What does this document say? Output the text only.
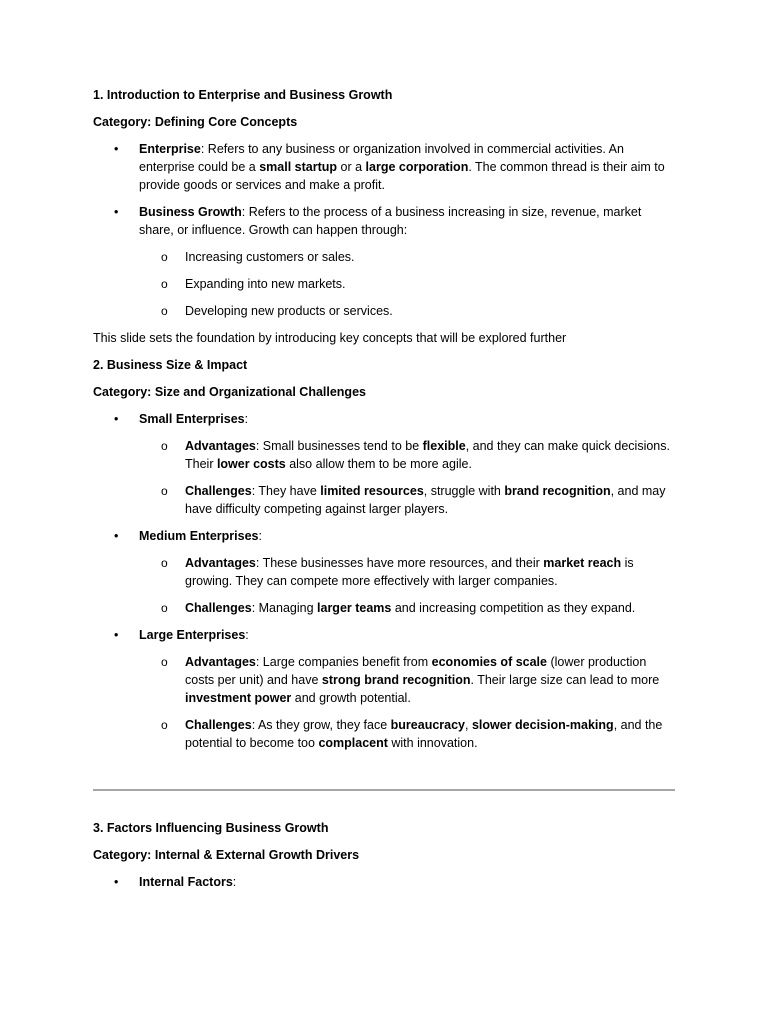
1. Introduction to Enterprise and Business Growth

Category: Defining Core Concepts

• Enterprise: Refers to any business or organization involved in commercial activities. An enterprise could be a small startup or a large corporation. The common thread is their aim to provide goods or services and make a profit.
• Business Growth: Refers to the process of a business increasing in size, revenue, market share, or influence. Growth can happen through:
o Increasing customers or sales.
o Expanding into new markets.
o Developing new products or services.

This slide sets the foundation by introducing key concepts that will be explored further

2. Business Size & Impact

Category: Size and Organizational Challenges

• Small Enterprises:
o Advantages: Small businesses tend to be flexible, and they can make quick decisions. Their lower costs also allow them to be more agile.
o Challenges: They have limited resources, struggle with brand recognition, and may have difficulty competing against larger players.
• Medium Enterprises:
o Advantages: These businesses have more resources, and their market reach is growing. They can compete more effectively with larger companies.
o Challenges: Managing larger teams and increasing competition as they expand.
• Large Enterprises:
o Advantages: Large companies benefit from economies of scale (lower production costs per unit) and have strong brand recognition. Their large size can lead to more investment power and growth potential.
o Challenges: As they grow, they face bureaucracy, slower decision-making, and the potential to become too complacent with innovation.

3. Factors Influencing Business Growth

Category: Internal & External Growth Drivers

• Internal Factors:
